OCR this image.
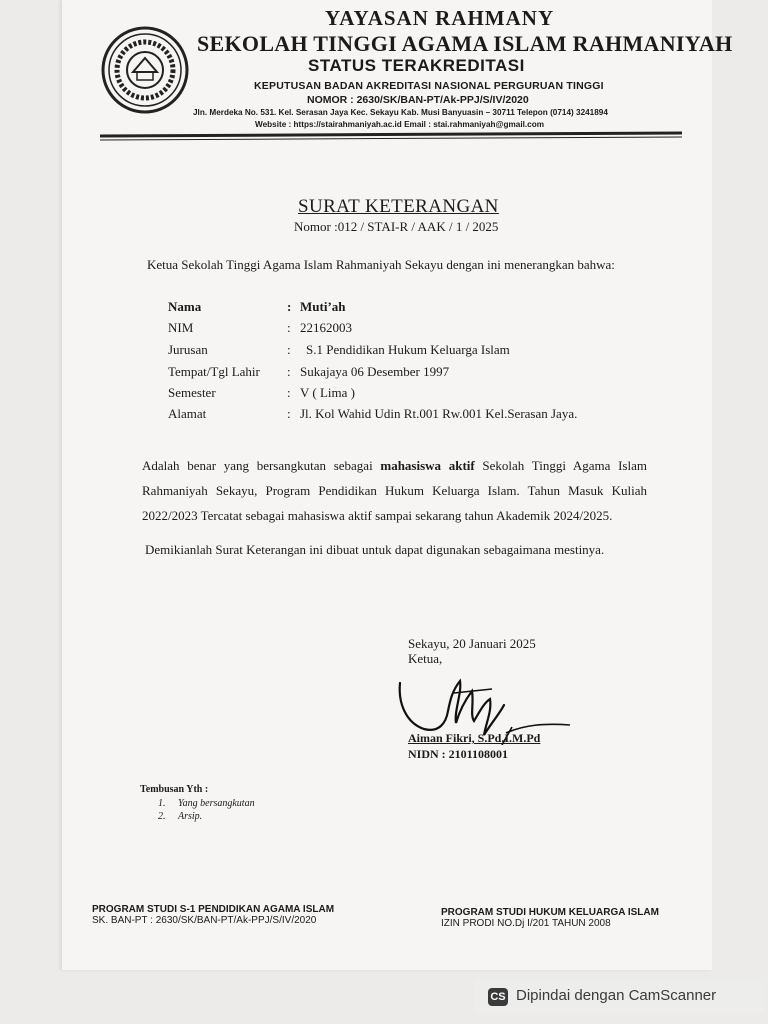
YAYASAN RAHMANY
SEKOLAH TINGGI AGAMA ISLAM RAHMANIYAH
STATUS TERAKREDITASI
KEPUTUSAN BADAN AKREDITASI NASIONAL PERGURUAN TINGGI
NOMOR : 2630/SK/BAN-PT/Ak-PPJ/S/IV/2020
Jln. Merdeka No. 531. Kel. Serasan Jaya Kec. Sekayu Kab. Musi Banyuasin – 30711 Telepon (0714) 3241894
Website : https://stairahmaniyah.ac.id Email : stai.rahmaniyah@gmail.com
SURAT KETERANGAN
Nomor :012 / STAI-R / AAK / 1 / 2025
Ketua Sekolah Tinggi Agama Islam Rahmaniyah Sekayu dengan ini menerangkan bahwa:
Nama	: Muti’ah
NIM	: 22162003
Jurusan	: S.1 Pendidikan Hukum Keluarga Islam
Tempat/Tgl Lahir : Sukajaya 06 Desember 1997
Semester	: V ( Lima )
Alamat	: Jl. Kol Wahid Udin Rt.001 Rw.001 Kel.Serasan Jaya.
Adalah benar yang bersangkutan sebagai mahasiswa aktif Sekolah Tinggi Agama Islam Rahmaniyah Sekayu, Program Pendidikan Hukum Keluarga Islam. Tahun Masuk Kuliah 2022/2023 Tercatat sebagai mahasiswa aktif sampai sekarang tahun Akademik 2024/2025.
Demikianlah Surat Keterangan ini dibuat untuk dapat digunakan sebagaimana mestinya.
Sekayu, 20 Januari 2025
Ketua,
Aiman Fikri, S.Pd.I.M.Pd
NIDN : 2101108001
Tembusan Yth :
1. Yang bersangkutan
2. Arsip.
PROGRAM STUDI S-1 PENDIDIKAN AGAMA ISLAM
SK. BAN-PT : 2630/SK/BAN-PT/Ak-PPJ/S/IV/2020
PROGRAM STUDI HUKUM KELUARGA ISLAM
IZIN PRODI NO.Dj I/201 TAHUN 2008
CS Dipindai dengan CamScanner
